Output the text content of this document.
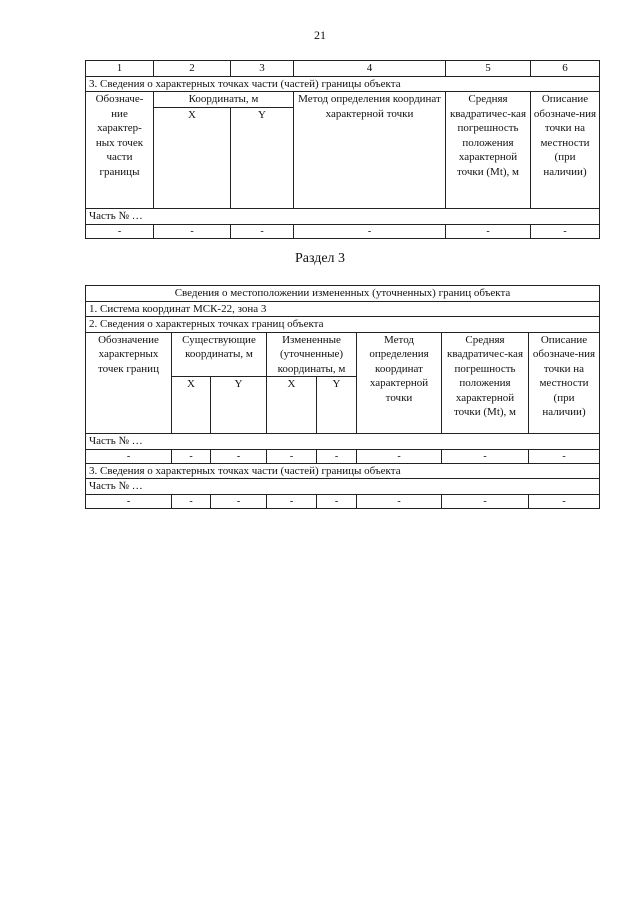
21
1	2	3	4	5	6
3. Сведения о характерных точках части (частей) границы объекта					
Обозначе-ние характер-ных точек части границы	Координаты, м		Метод определения координат характерной точки	Средняя квадратичес-кая погрешность положения характерной точки (Mt), м	Описание обозначе-ния точки на местности (при наличии)
	X	Y			
Часть № …					
-	-	-	-	-	-
Раздел 3
Сведения о местоположении измененных (уточненных) границ объекта							
1. Система координат МСК-22, зона 3							
2. Сведения о характерных точках границ объекта							
Обозначение характерных точек границ	Существующие координаты, м		Измененные (уточненные) координаты, м		Метод определения координат характерной точки	Средняя квадратичес-кая погрешность положения характерной точки (Mt), м	Описание обозначе-ния точки на местности (при наличии)
	X	Y	X	Y			
Часть № …							
-	-	-	-	-	-	-	-
3. Сведения о характерных точках части (частей) границы объекта							
Часть № …							
-	-	-	-	-	-	-	-
